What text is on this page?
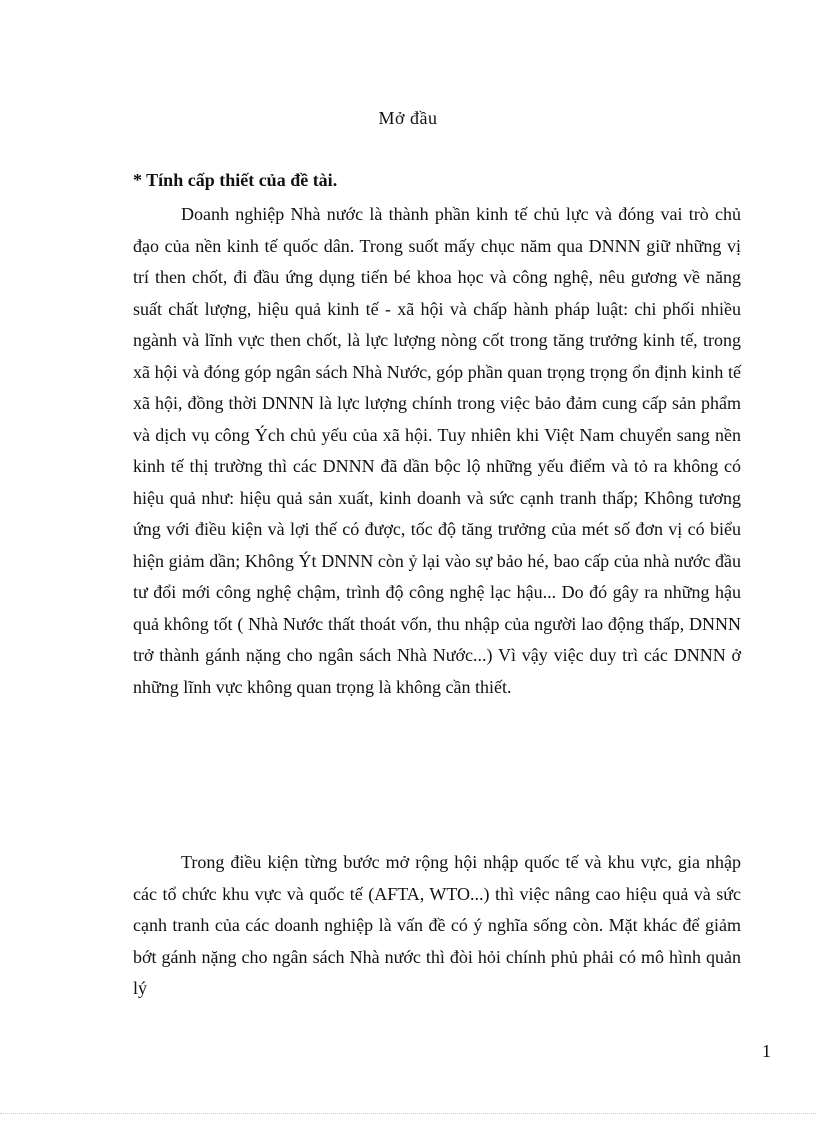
Mở đầu
* Tính cấp thiết của đề tài.

Doanh nghiệp Nhà nước là thành phần kinh tế chủ lực và đóng vai trò chủ đạo của nền kinh tế quốc dân. Trong suốt mấy chục năm qua DNNN giữ những vị trí then chốt, đi đầu ứng dụng tiến bé khoa học và công nghệ, nêu gương về năng suất chất lượng, hiệu quả kinh tế - xã hội và chấp hành pháp luật: chi phối nhiều ngành và lĩnh vực then chốt, là lực lượng nòng cốt trong tăng trưởng kinh tế, trong xã hội và đóng góp ngân sách Nhà Nước, góp phần quan trọng trọng ổn định kinh tế xã hội, đồng thời DNNN là lực lượng chính trong việc bảo đảm cung cấp sản phẩm và dịch vụ công Ých chủ yếu của xã hội. Tuy nhiên khi Việt Nam chuyển sang nền kinh tế thị trường thì các DNNN đã dần bộc lộ những yếu điểm và tỏ ra không có hiệu quả như: hiệu quả sản xuất, kinh doanh và sức cạnh tranh thấp; Không tương ứng với điều kiện và lợi thế có được, tốc độ tăng trưởng của mét số đơn vị có biểu hiện giảm dần; Không Ýt DNNN còn ỷ lại vào sự bảo hé, bao cấp của nhà nước đầu tư đổi mới công nghệ chậm, trình độ công nghệ lạc hậu... Do đó gây ra những hậu quả không tốt ( Nhà Nước thất thoát vốn, thu nhập của người lao động thấp, DNNN trở thành gánh nặng cho ngân sách Nhà Nước...) Vì vậy việc duy trì các DNNN ở những lĩnh vực không quan trọng là không cần thiết.

Trong điều kiện từng bước mở rộng hội nhập quốc tế và khu vực, gia nhập các tổ chức khu vực và quốc tế (AFTA, WTO...) thì việc nâng cao hiệu quả và sức cạnh tranh của các doanh nghiệp là vấn đề có ý nghĩa sống còn. Mặt khác để giảm bớt gánh nặng cho ngân sách Nhà nước thì đòi hỏi chính phủ phải có mô hình quản lý

1
